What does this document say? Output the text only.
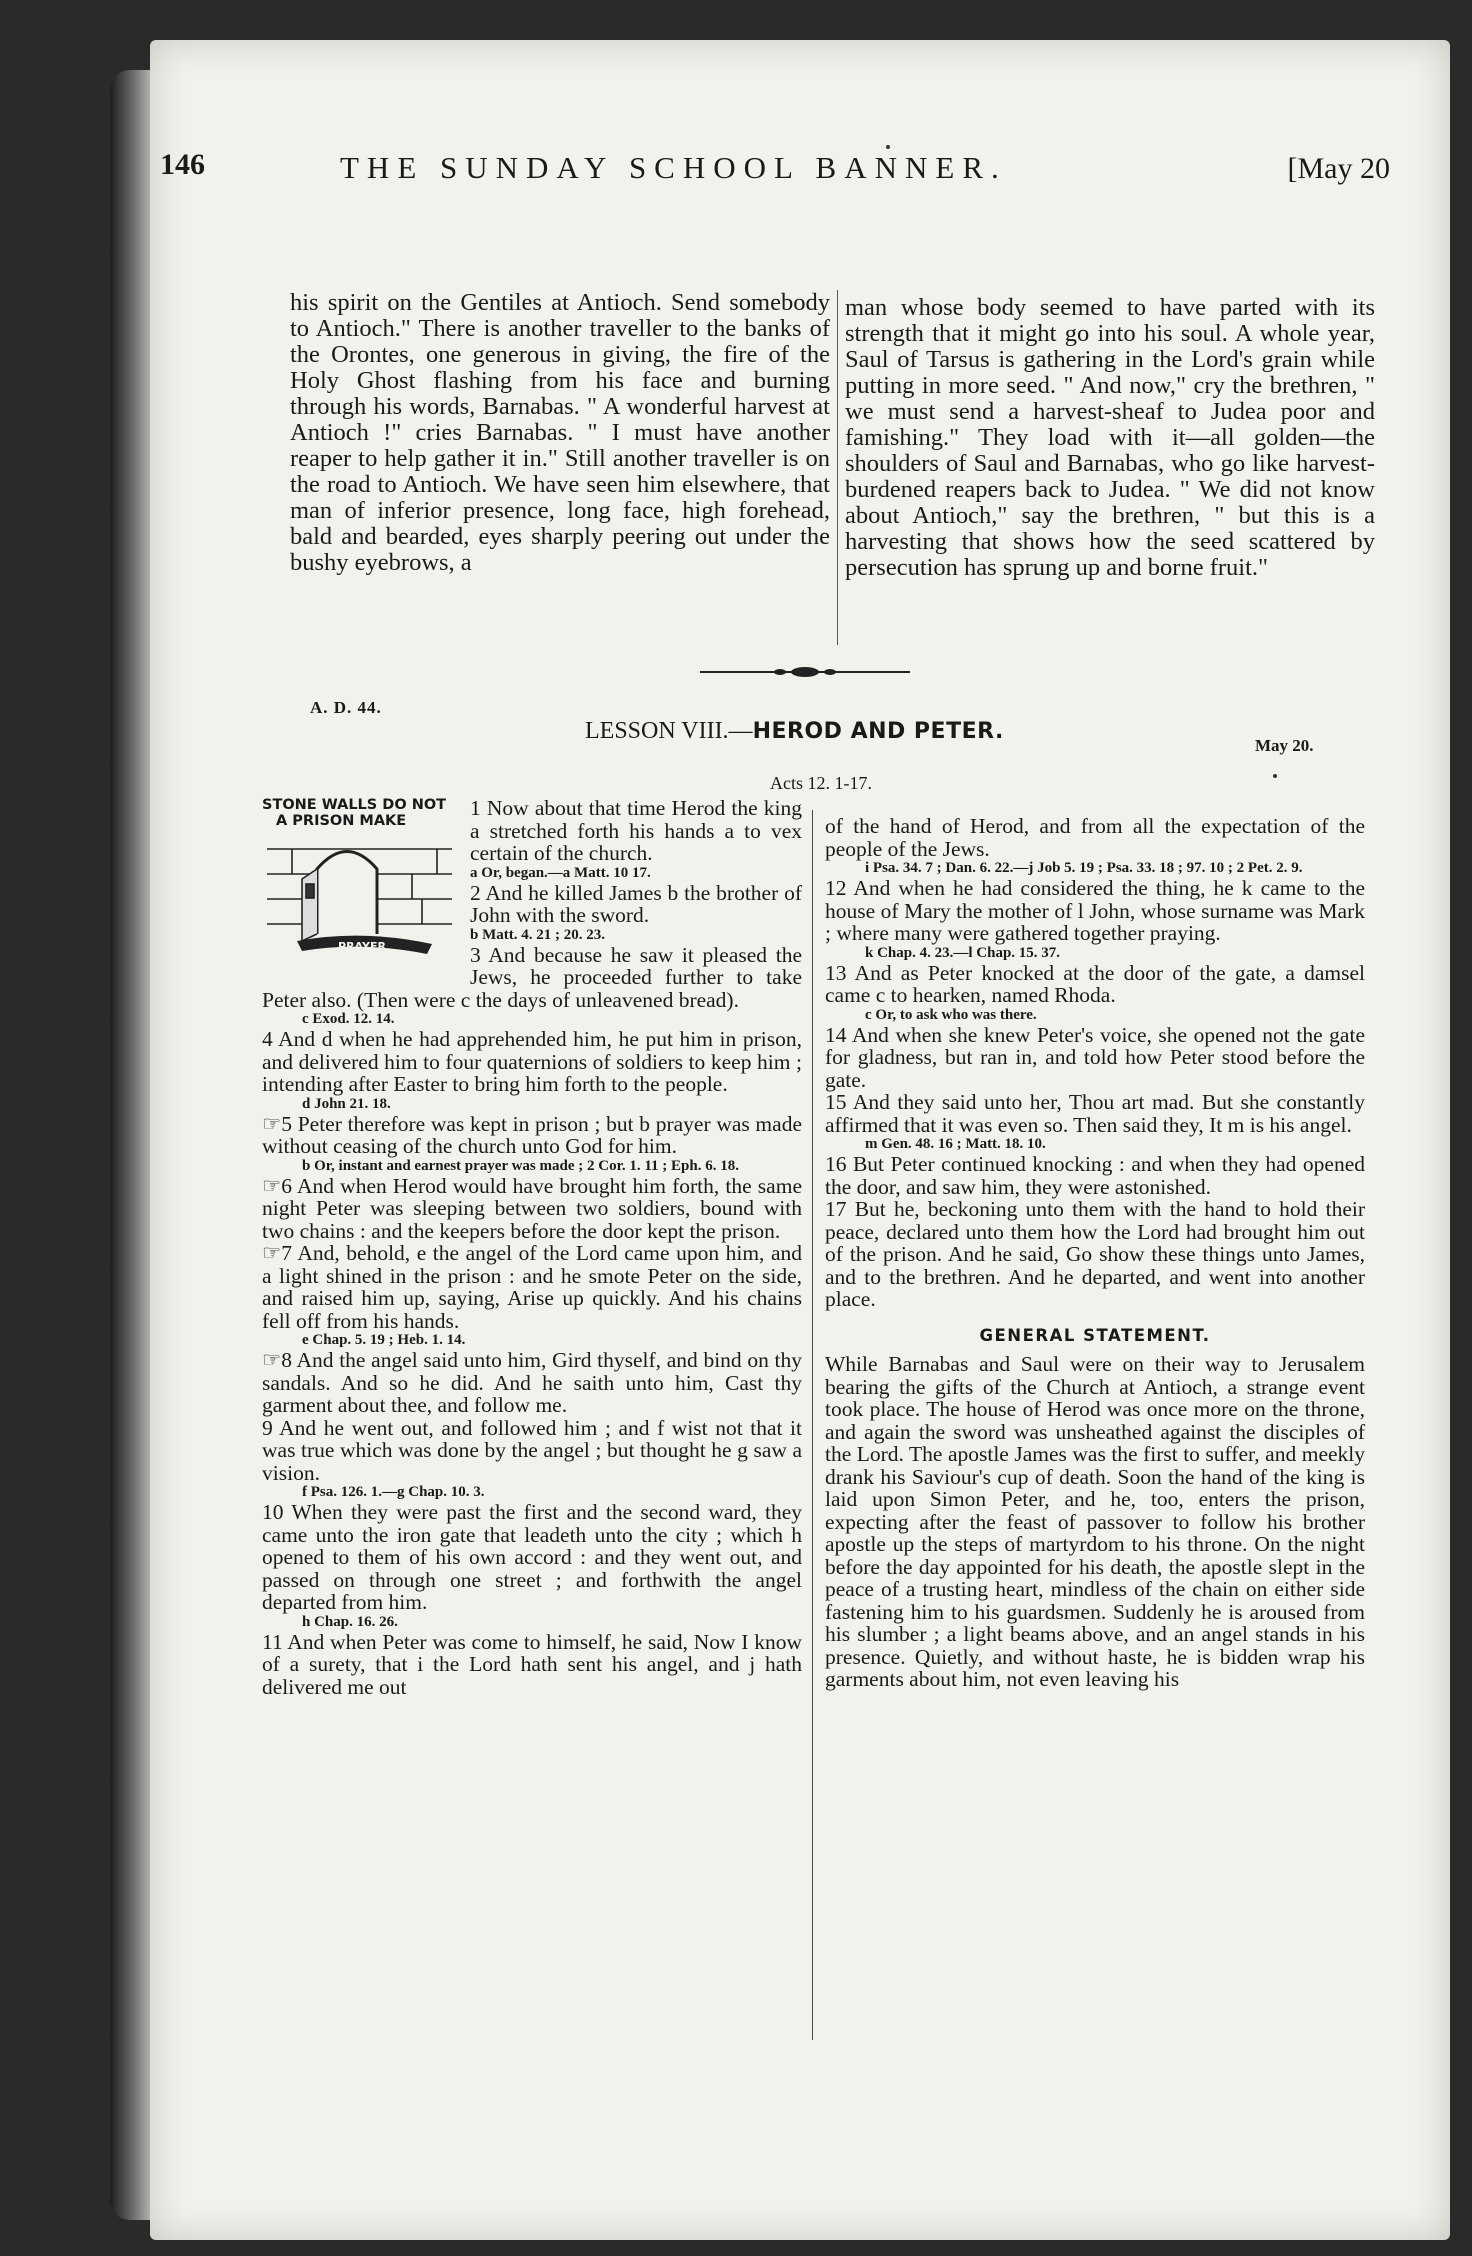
146	THE SUNDAY SCHOOL BANNER.	[May 20

his spirit on the Gentiles at Antioch. Send somebody to Antioch." There is another traveller to the banks of the Orontes, one generous in giving, the fire of the Holy Ghost flashing from his face and burning through his words, Barnabas. " A wonderful harvest at Antioch !" cries Barnabas. " I must have another reaper to help gather it in." Still another traveller is on the road to Antioch. We have seen him elsewhere, that man of inferior presence, long face, high forehead, bald and bearded, eyes sharply peering out under the bushy eyebrows, a

man whose body seemed to have parted with its strength that it might go into his soul. A whole year, Saul of Tarsus is gathering in the Lord's grain while putting in more seed. " And now," cry the brethren, " we must send a harvest-sheaf to Judea poor and famishing." They load with it—all golden—the shoulders of Saul and Barnabas, who go like harvest-burdened reapers back to Judea. " We did not know about Antioch," say the brethren, " but this is a harvesting that shows how the seed scattered by persecution has sprung up and borne fruit."

A. D. 44.
LESSON VIII.—HEROD AND PETER.
May 20.
Acts 12. 1-17.
STONE WALLS DO NOT
A PRISON MAKE
PRAYER

1 Now about that time Herod the king a stretched forth his hands a to vex certain of the church.

a Or, began.—a Matt. 10 17.

2 And he killed James b the brother of John with the sword.

b Matt. 4. 21 ; 20. 23.

3 And because he saw it pleased the Jews, he proceeded further to take Peter also. (Then were c the days of unleavened bread).

c Exod. 12. 14.

4 And d when he had apprehended him, he put him in prison, and delivered him to four quaternions of soldiers to keep him ; intending after Easter to bring him forth to the people.

d John 21. 18.

☞5 Peter therefore was kept in prison ; but b prayer was made without ceasing of the church unto God for him.

b Or, instant and earnest prayer was made ; 2 Cor. 1. 11 ; Eph. 6. 18.

☞6 And when Herod would have brought him forth, the same night Peter was sleeping between two soldiers, bound with two chains : and the keepers before the door kept the prison.

☞7 And, behold, e the angel of the Lord came upon him, and a light shined in the prison : and he smote Peter on the side, and raised him up, saying, Arise up quickly. And his chains fell off from his hands.

e Chap. 5. 19 ; Heb. 1. 14.

☞8 And the angel said unto him, Gird thyself, and bind on thy sandals. And so he did. And he saith unto him, Cast thy garment about thee, and follow me.

9 And he went out, and followed him ; and f wist not that it was true which was done by the angel ; but thought he g saw a vision.

f Psa. 126. 1.—g Chap. 10. 3.

10 When they were past the first and the second ward, they came unto the iron gate that leadeth unto the city ; which h opened to them of his own accord : and they went out, and passed on through one street ; and forthwith the angel departed from him.

h Chap. 16. 26.

11 And when Peter was come to himself, he said, Now I know of a surety, that i the Lord hath sent his angel, and j hath delivered me out

of the hand of Herod, and from all the expectation of the people of the Jews.

i Psa. 34. 7 ; Dan. 6. 22.—j Job 5. 19 ; Psa. 33. 18 ; 97. 10 ; 2 Pet. 2. 9.

12 And when he had considered the thing, he k came to the house of Mary the mother of l John, whose surname was Mark ; where many were gathered together praying.

k Chap. 4. 23.—l Chap. 15. 37.

13 And as Peter knocked at the door of the gate, a damsel came c to hearken, named Rhoda.

c Or, to ask who was there.

14 And when she knew Peter's voice, she opened not the gate for gladness, but ran in, and told how Peter stood before the gate.

15 And they said unto her, Thou art mad. But she constantly affirmed that it was even so. Then said they, It m is his angel.

m Gen. 48. 16 ; Matt. 18. 10.

16 But Peter continued knocking : and when they had opened the door, and saw him, they were astonished.

17 But he, beckoning unto them with the hand to hold their peace, declared unto them how the Lord had brought him out of the prison. And he said, Go show these things unto James, and to the brethren. And he departed, and went into another place.

GENERAL STATEMENT.

While Barnabas and Saul were on their way to Jerusalem bearing the gifts of the Church at Antioch, a strange event took place. The house of Herod was once more on the throne, and again the sword was unsheathed against the disciples of the Lord. The apostle James was the first to suffer, and meekly drank his Saviour's cup of death. Soon the hand of the king is laid upon Simon Peter, and he, too, enters the prison, expecting after the feast of passover to follow his brother apostle up the steps of martyrdom to his throne. On the night before the day appointed for his death, the apostle slept in the peace of a trusting heart, mindless of the chain on either side fastening him to his guardsmen. Suddenly he is aroused from his slumber ; a light beams above, and an angel stands in his presence. Quietly, and without haste, he is bidden wrap his garments about him, not even leaving his
